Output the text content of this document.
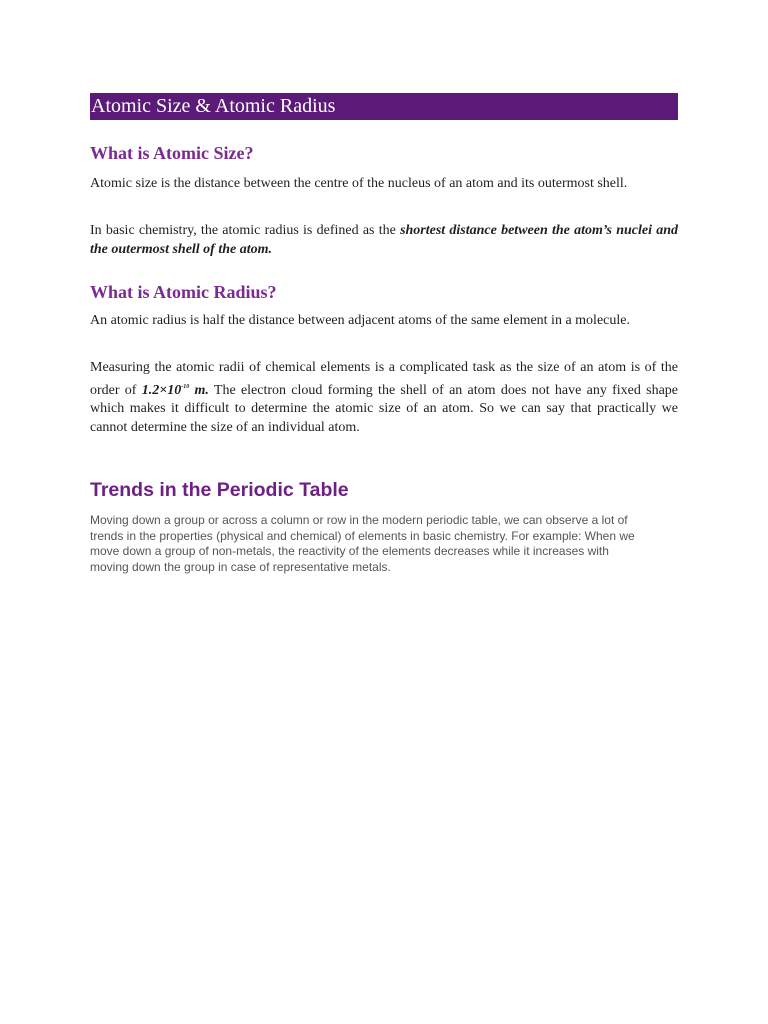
Atomic Size & Atomic Radius
What is Atomic Size?

Atomic size is the distance between the centre of the nucleus of an atom and its outermost shell.

In basic chemistry, the atomic radius is defined as the shortest distance between the atom’s nuclei and the outermost shell of the atom.

What is Atomic Radius?

An atomic radius is half the distance between adjacent atoms of the same element in a molecule.

Measuring the atomic radii of chemical elements is a complicated task as the size of an atom is of the order of $1.2\times 10^{-10}$ m. The electron cloud forming the shell of an atom does not have any fixed shape which makes it difficult to determine the atomic size of an atom. So we can say that practically we cannot determine the size of an individual atom.

Trends in the Periodic Table

Moving down a group or across a column or row in the modern periodic table, we can observe a lot of trends in the properties (physical and chemical) of elements in basic chemistry. For example: When we move down a group of non-metals, the reactivity of the elements decreases while it increases with moving down the group in case of representative metals.
